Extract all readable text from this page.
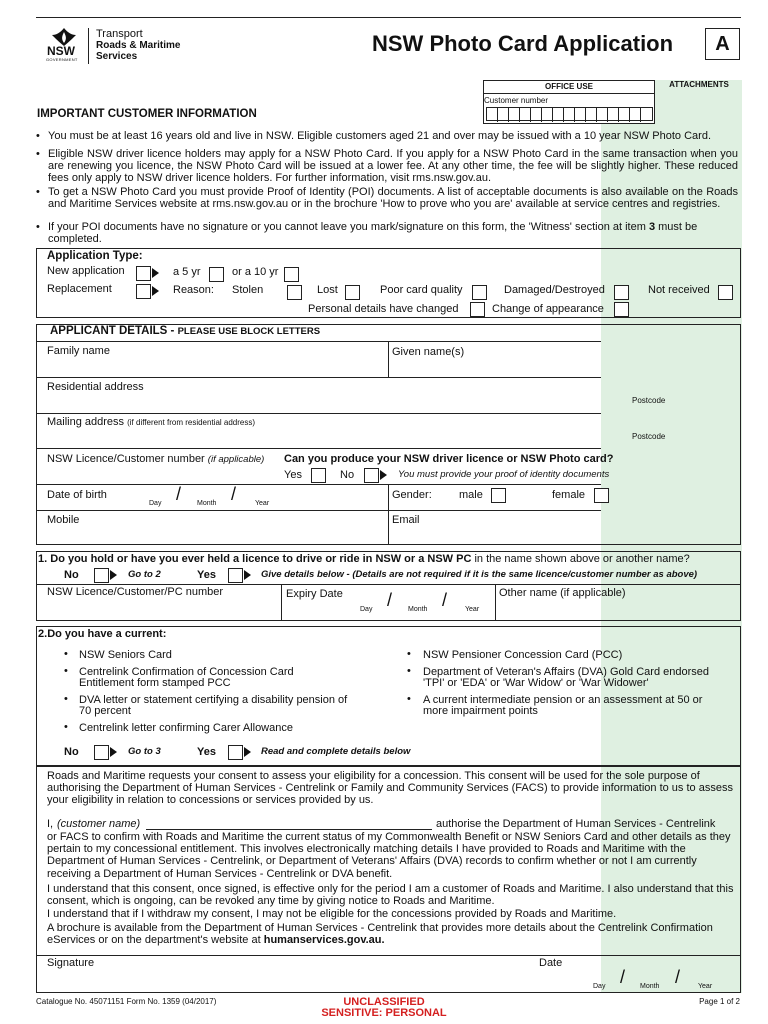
NSW
GOVERNMENT
Transport
Roads & Maritime
Services
NSW Photo Card Application	A
OFFICE USE
Customer number
ATTACHMENTS
IMPORTANT CUSTOMER INFORMATION
• You must be at least 16 years old and live in NSW. Eligible customers aged 21 and over may be issued with a 10 year NSW Photo Card.
• Eligible NSW driver licence holders may apply for a NSW Photo Card. If you apply for a NSW Photo Card in the same transaction when you are renewing you licence, the NSW Photo Card will be issued at a lower fee. At any other time, the fee will be slightly higher. These reduced fees only apply to NSW driver licence holders. For further information, visit rms.nsw.gov.au.
• To get a NSW Photo Card you must provide Proof of Identity (POI) documents. A list of acceptable documents is also available on the Roads and Maritime Services website at rms.nsw.gov.au or in the brochure 'How to prove who you are' available at service centres and registries.
• If your POI documents have no signature or you cannot leave you mark/signature on this form, the 'Witness' section at item 3 must be completed.
Application Type:
New application	a 5 yr	or a 10 yr
Replacement	Reason: Stolen	Lost	Poor card quality	Damaged/Destroyed	Not received
Personal details have changed	Change of appearance
APPLICANT DETAILS - PLEASE USE BLOCK LETTERS
Family name	Given name(s)
Residential address
Postcode
Mailing address (if different from residential address)
Postcode
NSW Licence/Customer number (if applicable) Can you produce your NSW driver licence or NSW Photo card?
Yes	No	You must provide your proof of identity documents
Date of birth	/	/
Day	Month	Year
Gender: male	female
Mobile	Email
1. Do you hold or have you ever held a licence to drive or ride in NSW or a NSW PC in the name shown above or another name?
No	Go to 2	Yes	Give details below - (Details are not required if it is the same licence/customer number as above)
NSW Licence/Customer/PC number	Expiry Date /	/
Day	Month	Year
Other name (if applicable)
2.Do you have a current:
• NSW Seniors Card
• Centrelink Confirmation of Concession Card
Entitlement form stamped PCC
• DVA letter or statement certifying a disability pension of
70 percent
• Centrelink letter confirming Carer Allowance
• NSW Pensioner Concession Card (PCC)
• Department of Veteran's Affairs (DVA) Gold Card endorsed
'TPI' or 'EDA' or 'War Widow' or 'War Widower'
• A current intermediate pension or an assessment at 50 or
more impairment points
No	Go to 3	Yes	Read and complete details below
Roads and Maritime requests your consent to assess your eligibility for a concession. This consent will be used for the sole purpose of authorising the Department of Human Services - Centrelink or Family and Community Services (FACS) to provide information to us to assess your eligibility in relation to concessions or services provided by us.
I, (customer name)	authorise the Department of Human Services - Centrelink
or FACS to confirm with Roads and Maritime the current status of my Commonwealth Benefit or NSW Seniors Card and other details as they pertain to my concessional entitlement. This involves electronically matching details I have provided to Roads and Maritime with the Department of Human Services - Centrelink, or Department of Veterans' Affairs (DVA) records to confirm whether or not I am currently receiving a Department of Human Services - Centrelink or DVA benefit.
I understand that this consent, once signed, is effective only for the period I am a customer of Roads and Maritime. I also understand that this consent, which is ongoing, can be revoked any time by giving notice to Roads and Maritime.
I understand that if I withdraw my consent, I may not be eligible for the concessions provided by Roads and Maritime.
A brochure is available from the Department of Human Services - Centrelink that provides more details about the Centrelink Confirmation eServices or on the department's website at humanservices.gov.au.
Signature	Date
/	/
Day	Month	Year
Catalogue No. 45071151 Form No. 1359 (04/2017)	UNCLASSIFIED
SENSITIVE: PERSONAL
Page 1 of 2
